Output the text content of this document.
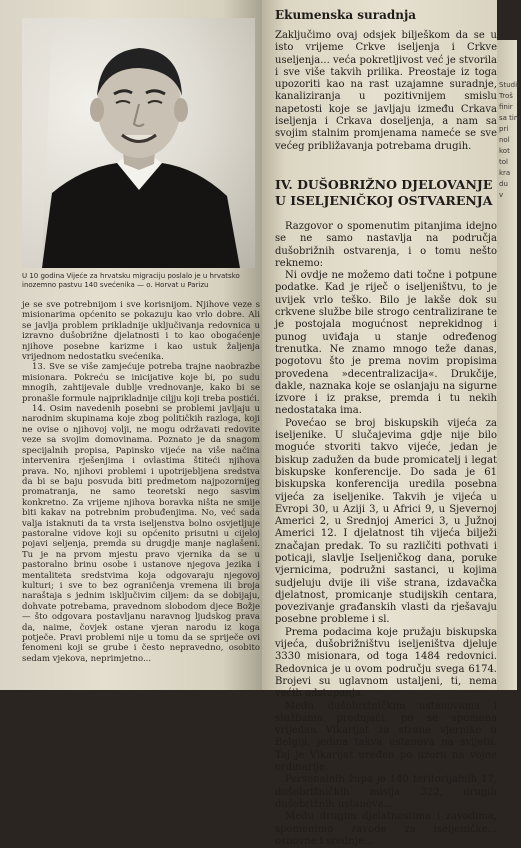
U 10 godina Vijeće za hrvatsku migraciju poslalo je u hrvatsko inozemno pastvu 140 svećenika — o. Horvat u Parizu

je se sve potrebnijom i sve korisnijom. Njihove veze s misionarima općenito se pokazuju kao vrlo dobre. Ali se javlja problem prikladnije uključivanja redovnica u izravno dušobrižne djelatnosti i to kao obogaćenje njihove posebne karizme i kao ustuk žaljenja vrijednom nedostatku svećenika.

13. Sve se više zamjećuje potreba trajne naobrazbe misionara. Pokreću se inicijative koje bi, po sudu mnogih, zahtijevale dublje vrednovanje, kako bi se pronašle formule najprikladnije ciljju koji treba postići.

14. Osim navedenih posebni se problemi javljaju u narodnim skupinama koje zbog političkih razloga, koji ne ovise o njihovoj volji, ne mogu održavati redovite veze sa svojim domovinama. Poznato je da snagom specijalnih propisa, Papinsko vijeće na više načina intervenira rješenjima i ovlastima štiteći njihova prava. No, njihovi problemi i upotrijebljena sredstva da bi se baju posvuda biti predmetom najpozornijeg promatranja, ne samo teoretski nego sasvim konkretno. Za vrijeme njihova boravka ništa ne smije biti kakav na potrebnim probuđenjima. No, već sada valja istaknuti da ta vrsta iseljenstva bolno osvjetljuje pastoralne vidove koji su općenito prisutni u cijeloj pojavi seljenja, premda su drugdje manje naglašeni. Tu je na prvom mjestu pravo vjernika da se u pastoralno brinu osobe i ustanove njegova jezika i mentaliteta sredstvima koja odgovaraju njegovoj kulturi; i sve to bez ograničenja vremena ili broja naraštaja s jednim isključivim ciljem: da se dobijaju, dohvate potrebama, pravednom slobodom djece Božje — što odgovara postavljanu naravnog ljudskog prava da, naime, čovjek ostane vjeran narodu iz koga potječe. Pravi problemi nije u tomu da se spriječe ovi fenomeni koji se grube i često nepravedno, osobito sedam vjekova, neprimjetno...

Ekumenska suradnja

Zaključimo ovaj odsjek bilješkom da se u isto vrijeme Crkve iseljenja i Crkve useljenja... veća pokretljivost već je stvorila i sve više takvih prilika. Preostaje iz toga upozoriti kao na rast uzajamne suradnje, kanaliziranja u pozitivnijem smislu napetosti koje se javljaju između Crkava iseljenja i Crkava doseljenja, a nam sa svojim stalnim promjenama nameće se sve većeg približavanja potrebama drugih.

IV. DUŠOBRIŽNO DJELOVANJE U ISELJENIČKOJ OSTVARENJA

Razgovor o spomenutim pitanjima idejno se ne samo nastavlja na područja dušobrižnih ostvarenja, i o tomu nešto reknemo:

Ni ovdje ne možemo dati točne i potpune podatke. Kad je riječ o iseljeništvu, to je uvijek vrlo teško. Bilo je lakše dok su crkvene službe bile strogo centralizirane te je postojala mogućnost neprekidnog i punog uviđaja u stanje određenog trenutka. Ne znamo mnogo teže danas, pogotovu što je prema novim propisima provedena »decentralizacija«. Drukčije, dakle, naznaka koje se oslanjaju na sigurne izvore i iz prakse, premda i tu nekih nedostataka ima.

Povećao se broj biskupskih vijeća za iseljenike. U slučajevima gdje nije bilo moguće stvoriti takvo vijeće, jedan je biskup zadužen da bude promicatelj i legat biskupske konferencije. Do sada je 61 biskupska konferencija uredila posebna vijeća za iseljenike. Takvih je vijeća u Evropi 30, u Aziji 3, u Africi 9, u Sjevernoj Americi 2, u Srednjoj Americi 3, u Južnoj Americi 12. I djelatnost tih vijeća bilježi značajan predak. To su različiti pothvati i poticaji, slavlje Iseljeničkog dana, poruke vjernicima, podružni sastanci, u kojima sudjeluju dvije ili više strana, izdavačka djelatnost, promicanje studijskih centara, povezivanje građanskih vlasti da rješavaju posebne probleme i sl.

Prema podacima koje pružaju biskupska vijeća, dušobrižništvu iseljeništva djeluje 3330 misionara, od toga 1484 redovnici. Redovnica je u ovom području svega 6174. Brojevi su uglavnom ustaljeni, ti, nema većih odstupanja.

Među dušobrižničkim ustanovama i službama prednjači, po se spomena vrijedan Vikarijat za strane vjernike u Belgiji, jedina takva ustanova na svijetu. Taj je Vikarijat uređen po uzoru na vojne ordinarije.

Personalnih župa je 140 teritorijalnih 17, dušobrižničkih misija 322, drugih dušobrižnih ustanova...

Među drugim djelatnostima i zavodima, spomenimo zavode za iseljeničke... osnovne i srednje...

Studij
Troš
finir
sa tim
pri
nol
kot
tol
kra
du
v
